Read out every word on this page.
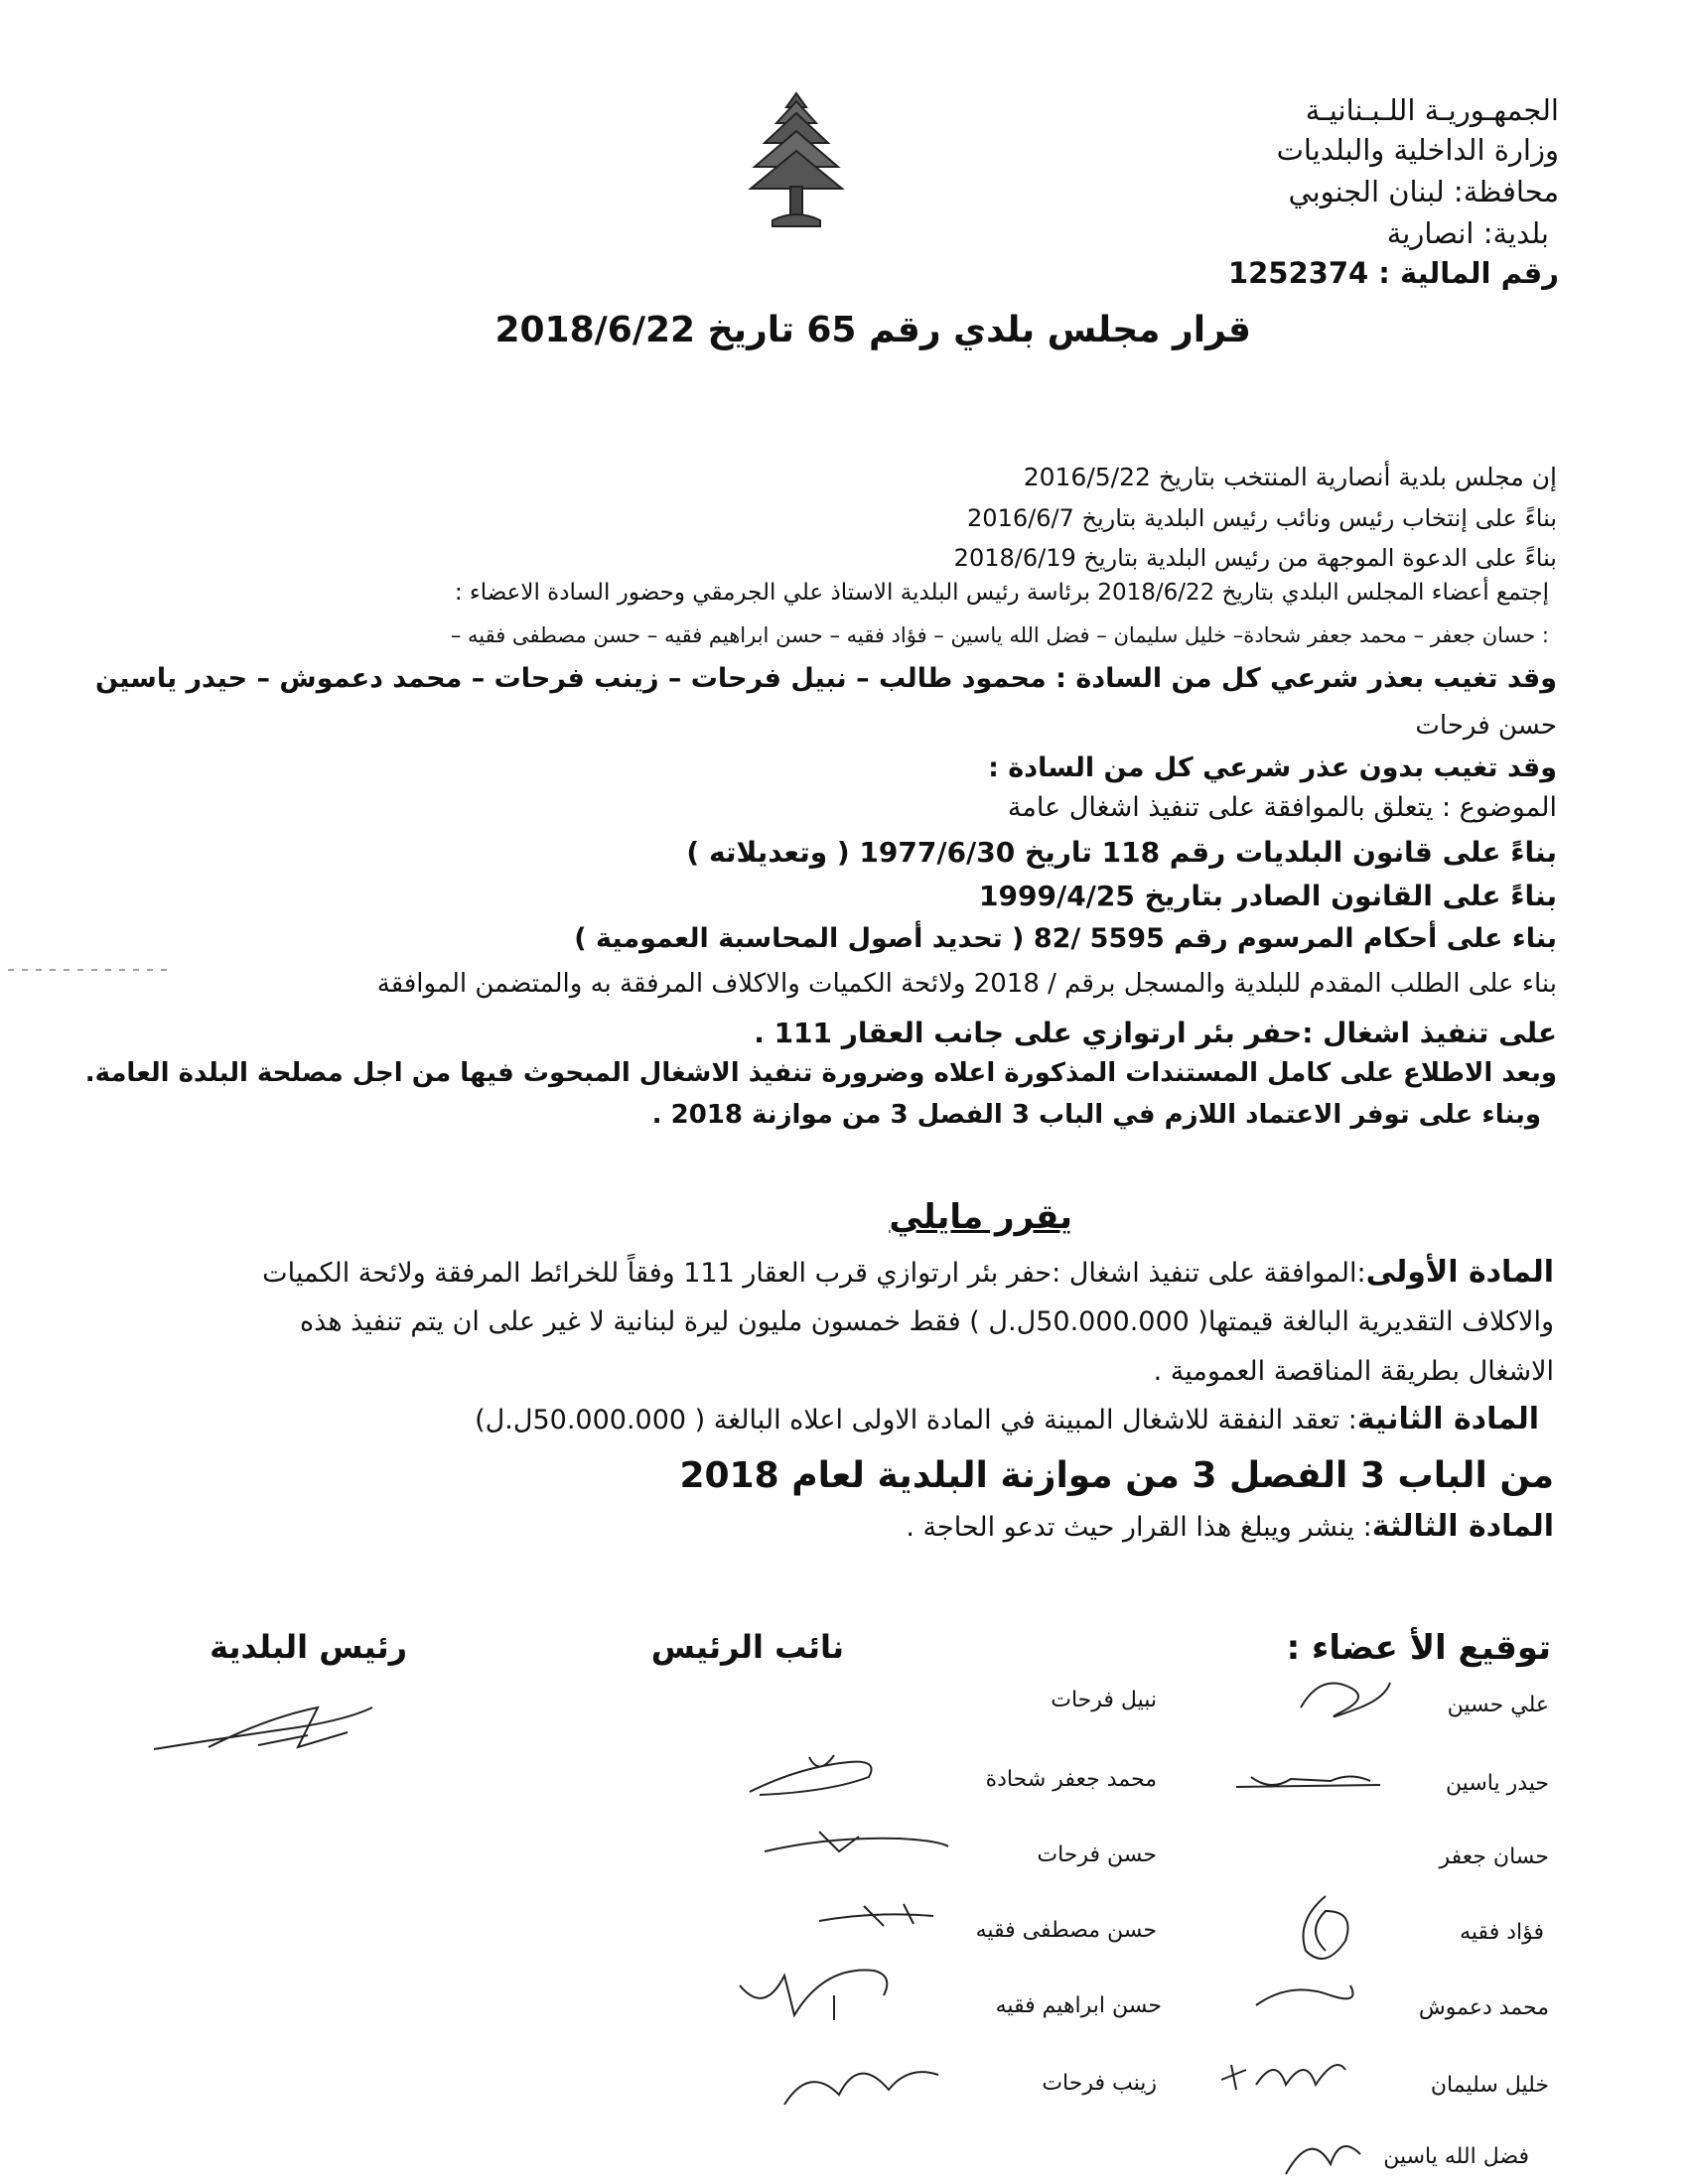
الجمهـوريـة اللـبـنانيـة
وزارة الداخلية والبلديات
محافظة: لبنان الجنوبي
بلدية: انصارية
رقم المالية : 1252374
قرار مجلس بلدي رقم 65 تاريخ 2018/6/22
إن مجلس بلدية أنصارية المنتخب بتاريخ 2016/5/22
بناءً على إنتخاب رئيس ونائب رئيس البلدية بتاريخ 2016/6/7
بناءً على الدعوة الموجهة من رئيس البلدية بتاريخ 2018/6/19
إجتمع أعضاء المجلس البلدي بتاريخ 2018/6/22 برئاسة رئيس البلدية الاستاذ علي الجرمقي وحضور السادة الاعضاء :
: حسان جعفر – محمد جعفر شحادة– خليل سليمان – فضل الله ياسين – فؤاد فقيه – حسن ابراهيم فقيه – حسن مصطفى فقيه –
وقد تغيب بعذر شرعي كل من السادة : محمود طالب – نبيل فرحات – زينب فرحات – محمد دعموش – حيدر ياسين
حسن فرحات
وقد تغيب بدون عذر شرعي كل من السادة :
الموضوع : يتعلق بالموافقة على تنفيذ اشغال عامة
بناءً على قانون البلديات رقم 118 تاريخ 1977/6/30 ( وتعديلاته )
بناءً على القانون الصادر بتاريخ 1999/4/25
بناء على أحكام المرسوم رقم 5595 /82 ( تحديد أصول المحاسبة العمومية )
بناء على الطلب المقدم للبلدية والمسجل برقم / 2018 ولائحة الكميات والاكلاف المرفقة به والمتضمن الموافقة
على تنفيذ اشغال :حفر بئر ارتوازي على جانب العقار 111 .
وبعد الاطلاع على كامل المستندات المذكورة اعلاه وضرورة تنفيذ الاشغال المبحوث فيها من اجل مصلحة البلدة العامة.
وبناء على توفر الاعتماد اللازم في الباب 3 الفصل 3 من موازنة 2018 .
يقرر مايلي
المادة الأولى:الموافقة على تنفيذ اشغال :حفر بئر ارتوازي قرب العقار 111 وفقاً للخرائط المرفقة ولائحة الكميات
والاكلاف التقديرية البالغة قيمتها( 50.000.000ل.ل ) فقط خمسون مليون ليرة لبنانية لا غير على ان يتم تنفيذ هذه
الاشغال بطريقة المناقصة العمومية .
المادة الثانية: تعقد النفقة للاشغال المبينة في المادة الاولى اعلاه البالغة ( 50.000.000ل.ل)
من الباب 3 الفصل 3 من موازنة البلدية لعام 2018
المادة الثالثة: ينشر ويبلغ هذا القرار حيث تدعو الحاجة .
توقيع الأ عضاء :
نائب الرئيس
رئيس البلدية
علي حسين
حيدر ياسين
حسان جعفر
فؤاد فقيه
محمد دعموش
خليل سليمان
فضل الله ياسين
نبيل فرحات
محمد جعفر شحادة
حسن فرحات
حسن مصطفى فقيه
حسن ابراهيم فقيه
زينب فرحات
